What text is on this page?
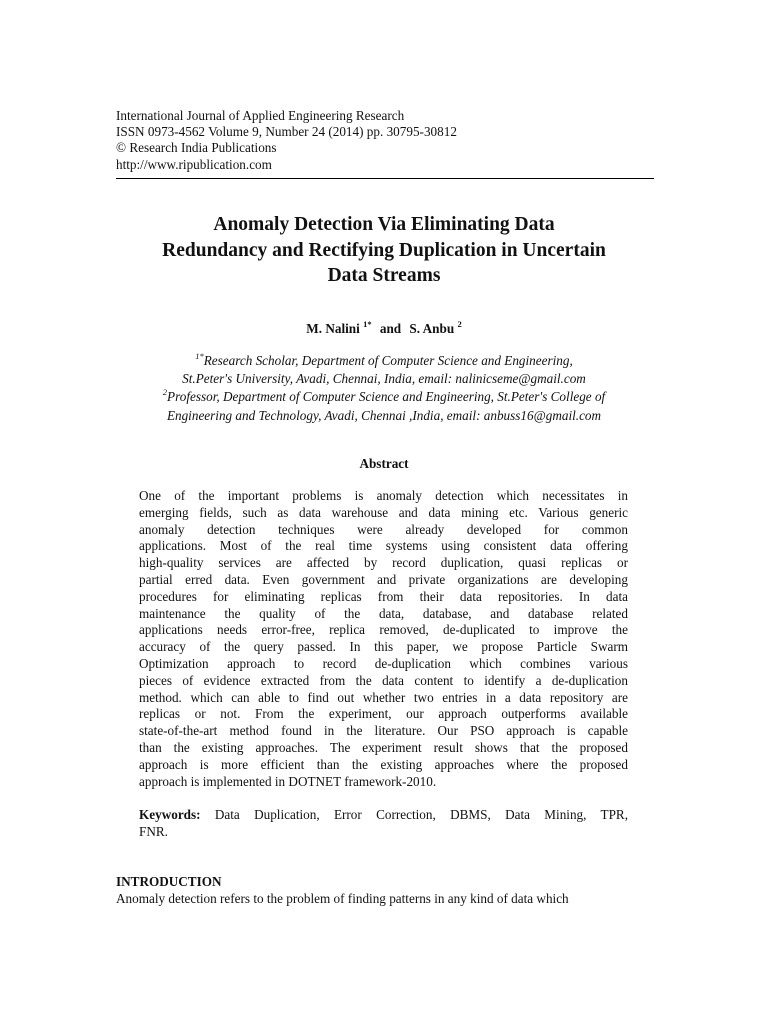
International Journal of Applied Engineering Research
ISSN 0973-4562 Volume 9, Number 24 (2014) pp. 30795-30812
© Research India Publications
http://www.ripublication.com
Anomaly Detection Via Eliminating Data
Redundancy and Rectifying Duplication in Uncertain
Data Streams
M. Nalini $^{1*}$ and S. Anbu $^2$
$^{1*}$Research Scholar, Department of Computer Science and Engineering,
St.Peter's University, Avadi, Chennai, India, email: nalinicseme@gmail.com
$^2$Professor, Department of Computer Science and Engineering, St.Peter's College of
Engineering and Technology, Avadi, Chennai ,India, email: anbuss16@gmail.com
Abstract
One of the important problems is anomaly detection which necessitates in
emerging fields, such as data warehouse and data mining etc. Various generic
anomaly detection techniques were already developed for common
applications. Most of the real time systems using consistent data offering
high-quality services are affected by record duplication, quasi replicas or
partial erred data. Even government and private organizations are developing
procedures for eliminating replicas from their data repositories. In data
maintenance the quality of the data, database, and database related
applications needs error-free, replica removed, de-duplicated to improve the
accuracy of the query passed. In this paper, we propose Particle Swarm
Optimization approach to record de-duplication which combines various
pieces of evidence extracted from the data content to identify a de-duplication
method. which can able to find out whether two entries in a data repository are
replicas or not. From the experiment, our approach outperforms available
state-of-the-art method found in the literature. Our PSO approach is capable
than the existing approaches. The experiment result shows that the proposed
approach is more efficient than the existing approaches where the proposed
approach is implemented in DOTNET framework-2010.
Keywords: Data Duplication, Error Correction, DBMS, Data Mining, TPR,
FNR.
INTRODUCTION
Anomaly detection refers to the problem of finding patterns in any kind of data which
